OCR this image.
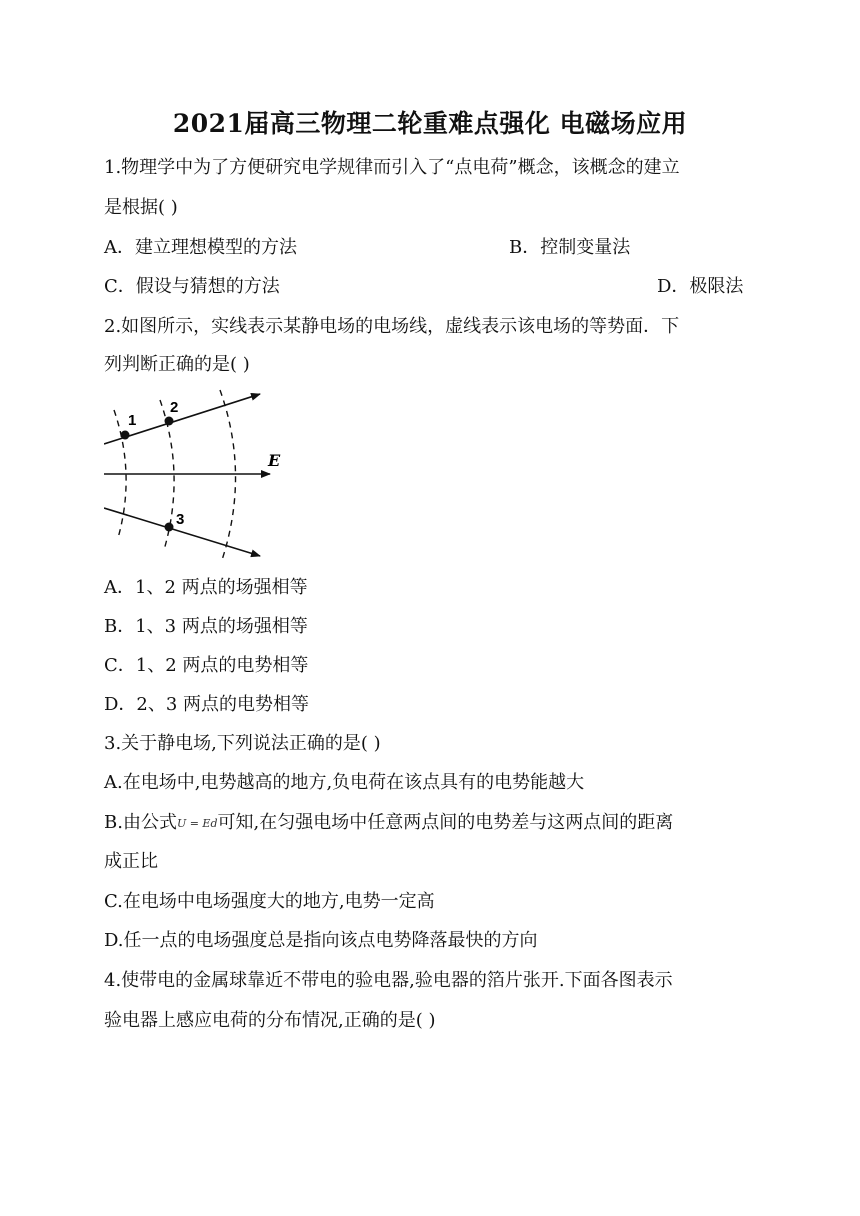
2021届高三物理二轮重难点强化 电磁场应用
1.物理学中为了方便研究电学规律而引入了“点电荷”概念，该概念的建立
是根据( )
A．建立理想模型的方法	B．控制变量法
C．假设与猜想的方法	D．极限法
2.如图所示，实线表示某静电场的电场线，虚线表示该电场的等势面．下
列判断正确的是( )
1
2
3
E
A．1、2 两点的场强相等
B．1、3 两点的场强相等
C．1、2 两点的电势相等
D．2、3 两点的电势相等
3.关于静电场,下列说法正确的是( )
A.在电场中,电势越高的地方,负电荷在该点具有的电势能越大
B.由公式U = Ed可知,在匀强电场中任意两点间的电势差与这两点间的距离
成正比
C.在电场中电场强度大的地方,电势一定高
D.任一点的电场强度总是指向该点电势降落最快的方向
4.使带电的金属球靠近不带电的验电器,验电器的箔片张开.下面各图表示
验电器上感应电荷的分布情况,正确的是( )
